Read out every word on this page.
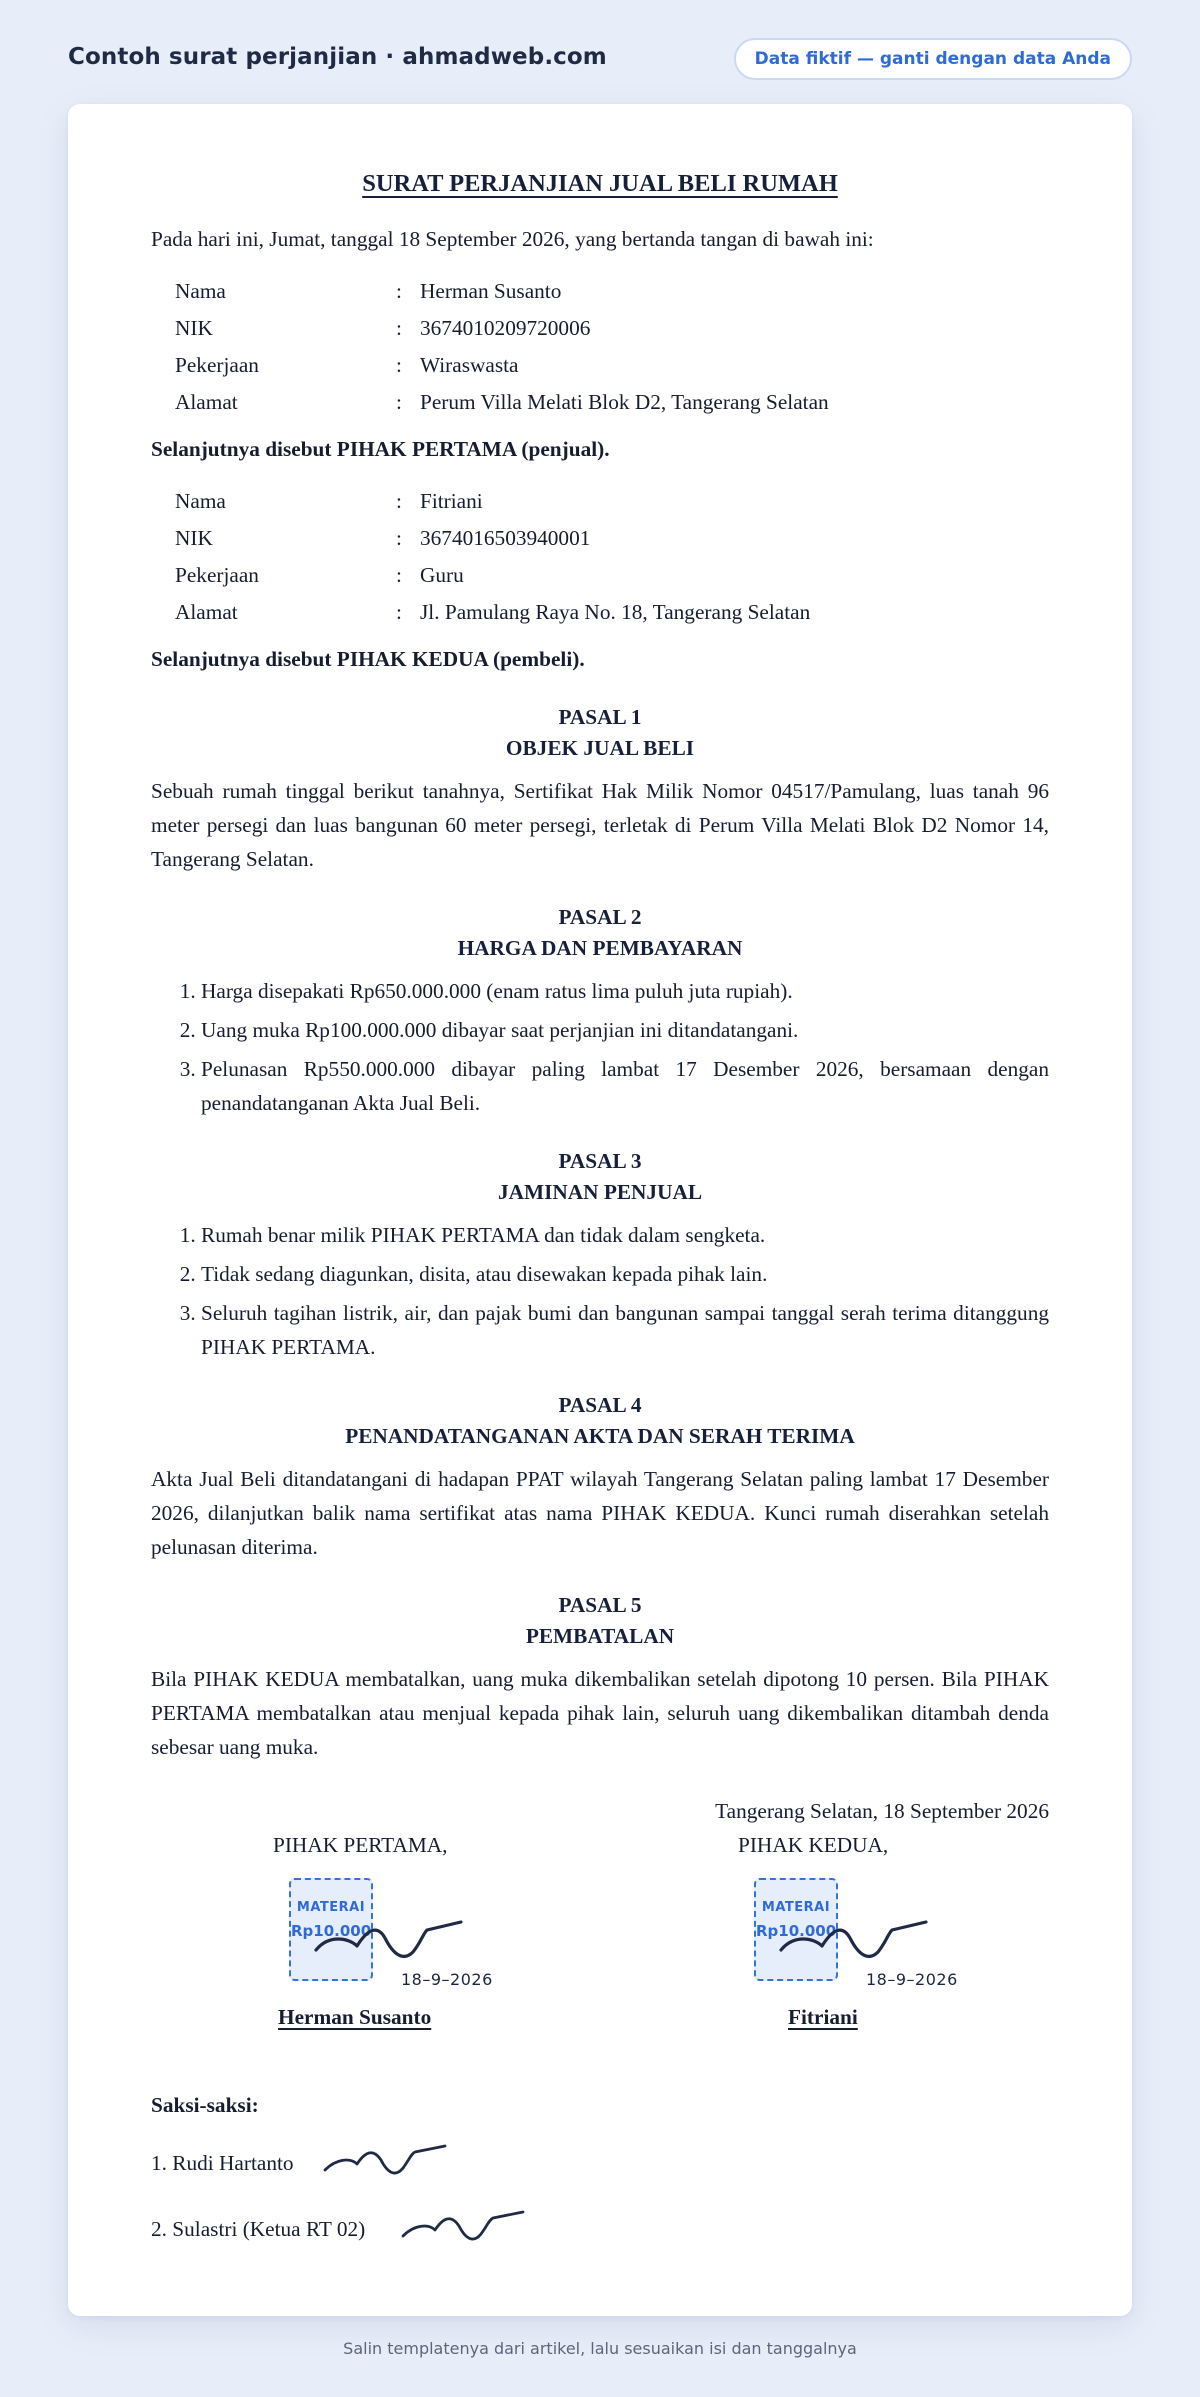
Contoh surat perjanjian · ahmadweb.com	Data fiktif — ganti dengan data Anda
SURAT PERJANJIAN JUAL BELI RUMAH

Pada hari ini, Jumat, tanggal 18 September 2026, yang bertanda tangan di bawah ini:

Nama	:	Herman Susanto
NIK	:	3674010209720006
Pekerjaan	:	Wiraswasta
Alamat	:	Perum Villa Melati Blok D2, Tangerang Selatan

Selanjutnya disebut PIHAK PERTAMA (penjual).

Nama	:	Fitriani
NIK	:	3674016503940001
Pekerjaan	:	Guru
Alamat	:	Jl. Pamulang Raya No. 18, Tangerang Selatan

Selanjutnya disebut PIHAK KEDUA (pembeli).

PASAL 1
OBJEK JUAL BELI

Sebuah rumah tinggal berikut tanahnya, Sertifikat Hak Milik Nomor 04517/Pamulang, luas tanah 96 meter persegi dan luas bangunan 60 meter persegi, terletak di Perum Villa Melati Blok D2 Nomor 14, Tangerang Selatan.

PASAL 2
HARGA DAN PEMBAYARAN
1. Harga disepakati Rp650.000.000 (enam ratus lima puluh juta rupiah).
2. Uang muka Rp100.000.000 dibayar saat perjanjian ini ditandatangani.
3. Pelunasan Rp550.000.000 dibayar paling lambat 17 Desember 2026, bersamaan dengan penandatanganan Akta Jual Beli.
PASAL 3
JAMINAN PENJUAL
1. Rumah benar milik PIHAK PERTAMA dan tidak dalam sengketa.
2. Tidak sedang diagunkan, disita, atau disewakan kepada pihak lain.
3. Seluruh tagihan listrik, air, dan pajak bumi dan bangunan sampai tanggal serah terima ditanggung PIHAK PERTAMA.
PASAL 4
PENANDATANGANAN AKTA DAN SERAH TERIMA

Akta Jual Beli ditandatangani di hadapan PPAT wilayah Tangerang Selatan paling lambat 17 Desember 2026, dilanjutkan balik nama sertifikat atas nama PIHAK KEDUA. Kunci rumah diserahkan setelah pelunasan diterima.

PASAL 5
PEMBATALAN

Bila PIHAK KEDUA membatalkan, uang muka dikembalikan setelah dipotong 10 persen. Bila PIHAK PERTAMA membatalkan atau menjual kepada pihak lain, seluruh uang dikembalikan ditambah denda sebesar uang muka.

Tangerang Selatan, 18 September 2026

PIHAK PERTAMA,
MATERAI
Rp10.000
18–9–2026
Herman Susanto
PIHAK KEDUA,
MATERAI
Rp10.000
18–9–2026
Fitriani

Saksi-saksi:

1. Rudi Hartanto
2. Sulastri (Ketua RT 02)
Salin templatenya dari artikel, lalu sesuaikan isi dan tanggalnya
